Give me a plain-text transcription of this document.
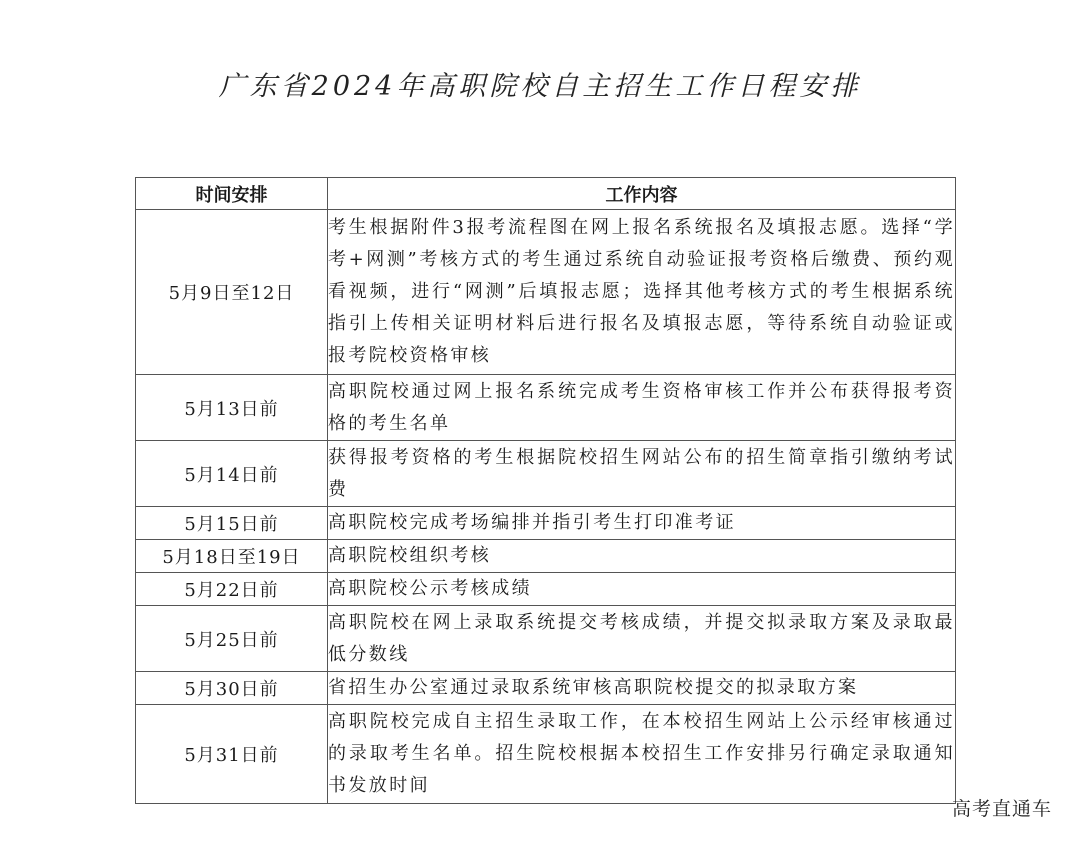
广东省2024年高职院校自主招生工作日程安排
时间安排	工作内容
5月9日至12日	考生根据附件3报考流程图在网上报名系统报名及填报志愿。选择“学考+网测”考核方式的考生通过系统自动验证报考资格后缴费、预约观看视频，进行“网测”后填报志愿；选择其他考核方式的考生根据系统指引上传相关证明材料后进行报名及填报志愿，等待系统自动验证或报考院校资格审核
5月13日前	高职院校通过网上报名系统完成考生资格审核工作并公布获得报考资格的考生名单
5月14日前	获得报考资格的考生根据院校招生网站公布的招生简章指引缴纳考试费
5月15日前	高职院校完成考场编排并指引考生打印准考证
5月18日至19日	高职院校组织考核
5月22日前	高职院校公示考核成绩
5月25日前	高职院校在网上录取系统提交考核成绩，并提交拟录取方案及录取最低分数线
5月30日前	省招生办公室通过录取系统审核高职院校提交的拟录取方案
5月31日前	高职院校完成自主招生录取工作，在本校招生网站上公示经审核通过的录取考生名单。招生院校根据本校招生工作安排另行确定录取通知书发放时间
高考直通车
